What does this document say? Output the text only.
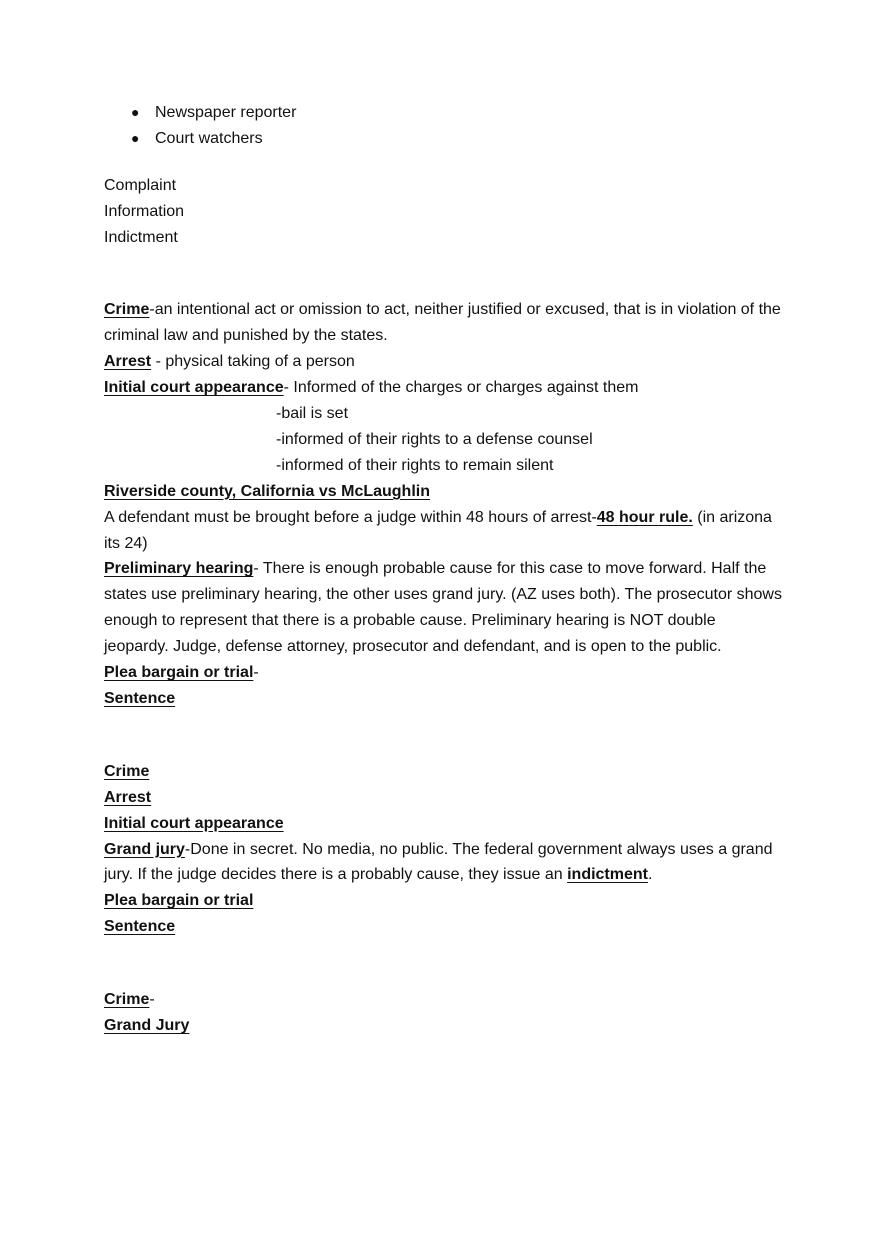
● Newspaper reporter
● Court watchers
Complaint
Information
Indictment

Crime-an intentional act or omission to act, neither justified or excused, that is in violation of the criminal law and punished by the states.

Arrest - physical taking of a person

Initial court appearance- Informed of the charges or charges against them

-bail is set
-informed of their rights to a defense counsel
-informed of their rights to remain silent
Riverside county, California vs McLaughlin

A defendant must be brought before a judge within 48 hours of arrest-48 hour rule. (in arizona its 24)

Preliminary hearing- There is enough probable cause for this case to move forward. Half the states use preliminary hearing, the other uses grand jury. (AZ uses both). The prosecutor shows enough to represent that there is a probable cause. Preliminary hearing is NOT double jeopardy. Judge, defense attorney, prosecutor and defendant, and is open to the public.

Plea bargain or trial-

Sentence
Crime
Arrest
Initial court appearance

Grand jury-Done in secret. No media, no public. The federal government always uses a grand jury. If the judge decides there is a probably cause, they issue an indictment.

Plea bargain or trial
Sentence

Crime-

Grand Jury
